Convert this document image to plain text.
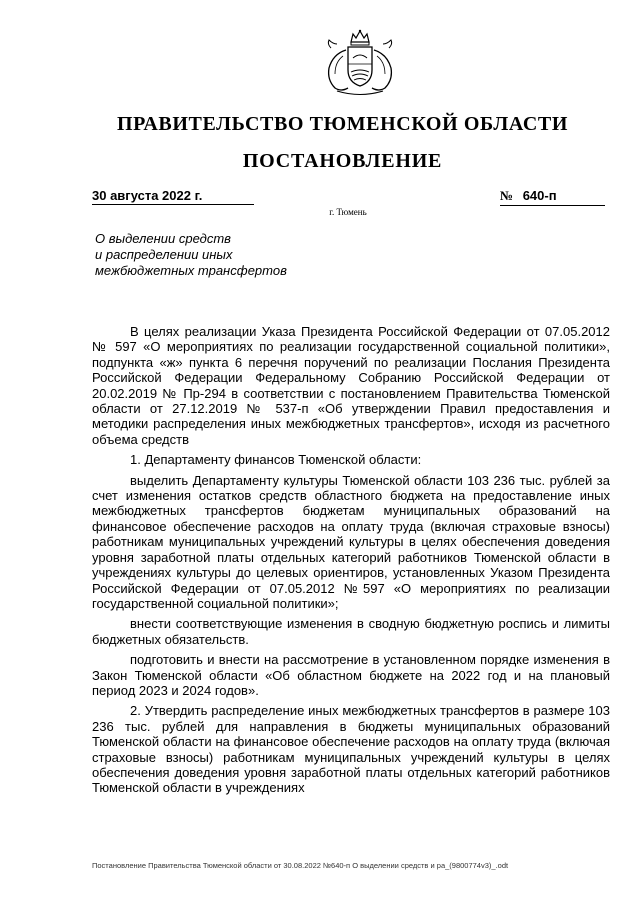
ПРАВИТЕЛЬСТВО ТЮМЕНСКОЙ ОБЛАСТИ
ПОСТАНОВЛЕНИЕ
30 августа 2022 г.	№ 640-п
г. Тюмень
О выделении средств
и распределении иных
межбюджетных трансфертов

В целях реализации Указа Президента Российской Федерации от 07.05.2012 № 597 «О мероприятиях по реализации государственной социальной политики», подпункта «ж» пункта 6 перечня поручений по реализации Послания Президента Российской Федерации Федеральному Собранию Российской Федерации от 20.02.2019 № Пр-294 в соответствии с постановлением Правительства Тюменской области от 27.12.2019 № 537-п «Об утверждении Правил предоставления и методики распределения иных межбюджетных трансфертов», исходя из расчетного объема средств

1. Департаменту финансов Тюменской области:

выделить Департаменту культуры Тюменской области 103 236 тыс. рублей за счет изменения остатков средств областного бюджета на предоставление иных межбюджетных трансфертов бюджетам муниципальных образований на финансовое обеспечение расходов на оплату труда (включая страховые взносы) работникам муниципальных учреждений культуры в целях обеспечения доведения уровня заработной платы отдельных категорий работников Тюменской области в учреждениях культуры до целевых ориентиров, установленных Указом Президента Российской Федерации от 07.05.2012 №597 «О мероприятиях по реализации государственной социальной политики»;

внести соответствующие изменения в сводную бюджетную роспись и лимиты бюджетных обязательств.

подготовить и внести на рассмотрение в установленном порядке изменения в Закон Тюменской области «Об областном бюджете на 2022 год и на плановый период 2023 и 2024 годов».

2. Утвердить распределение иных межбюджетных трансфертов в размере 103 236 тыс. рублей для направления в бюджеты муниципальных образований Тюменской области на финансовое обеспечение расходов на оплату труда (включая страховые взносы) работникам муниципальных учреждений культуры в целях обеспечения доведения уровня заработной платы отдельных категорий работников Тюменской области в учреждениях

Постановление Правительства Тюменской области от 30.08.2022 №640-п О выделении средств и ра_(9800774v3)_.odt
